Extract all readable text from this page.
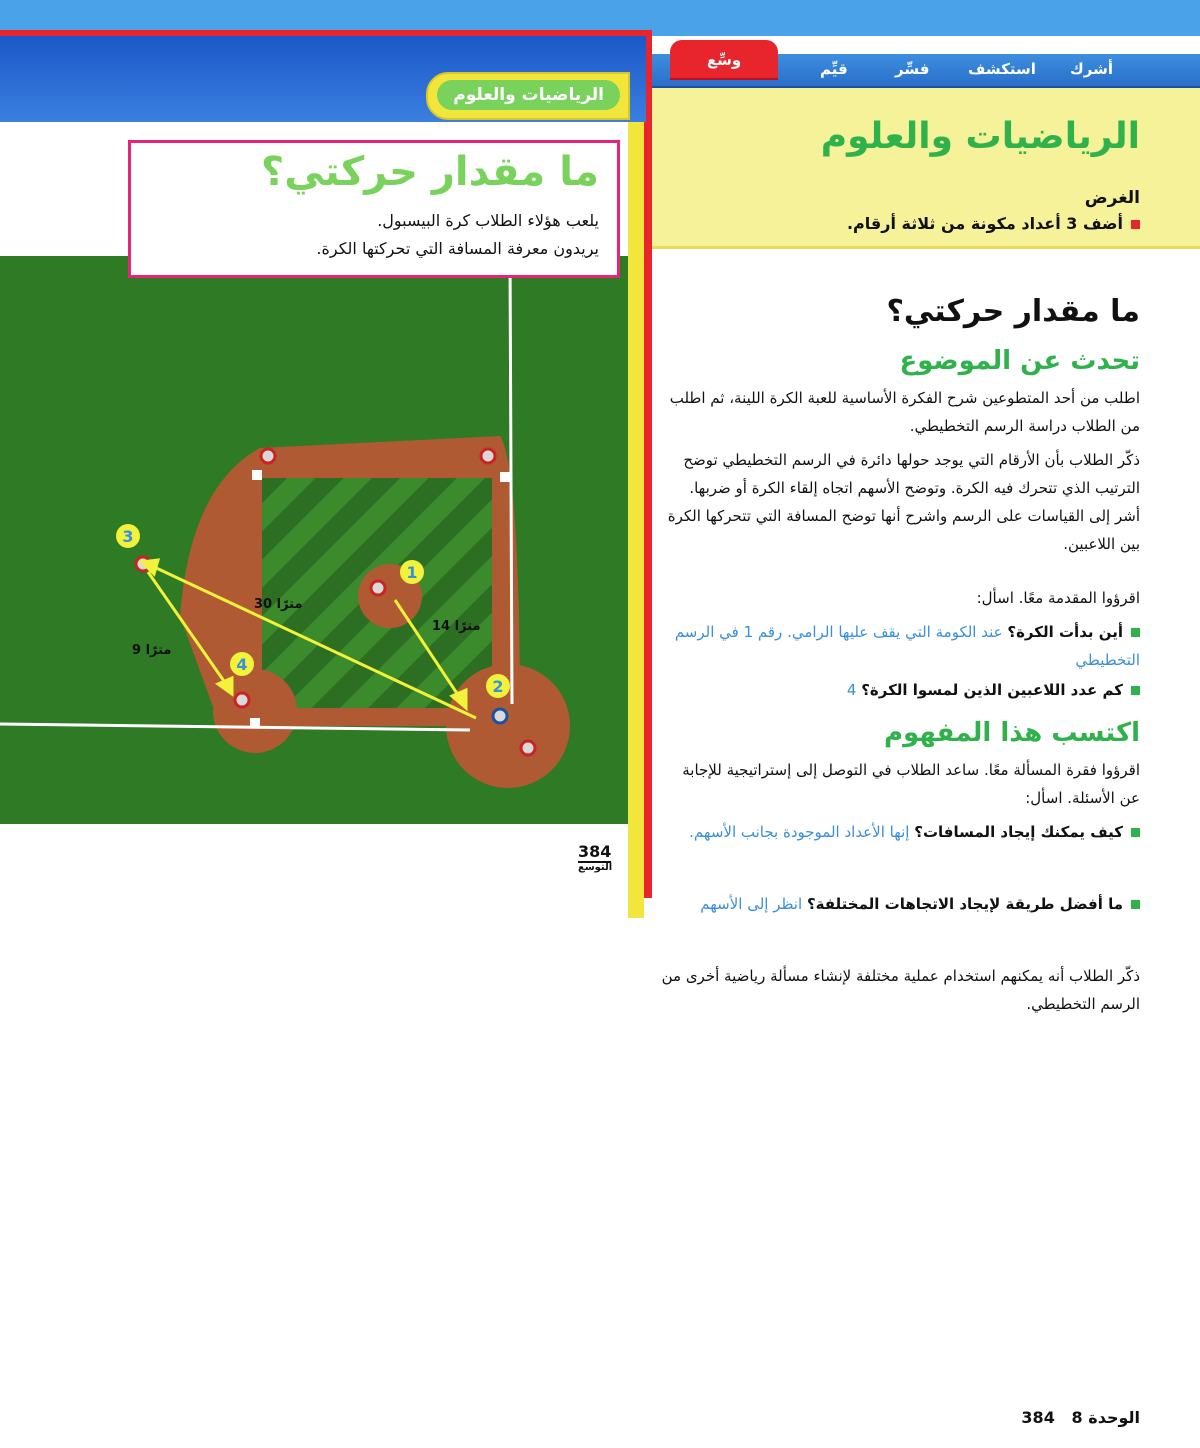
وسِّع	قيِّم	فسِّر	استكشف أشرك
الرياضيات والعلوم
الغرض
أضف 3 أعداد مكونة من ثلاثة أرقام.
ما مقدار حركتي؟
تحدث عن الموضوع
اطلب من أحد المتطوعين شرح الفكرة الأساسية للعبة الكرة اللينة، ثم اطلب من الطلاب دراسة الرسم التخطيطي.
ذكّر الطلاب بأن الأرقام التي يوجد حولها دائرة في الرسم التخطيطي توضح الترتيب الذي تتحرك فيه الكرة. وتوضح الأسهم اتجاه إلقاء الكرة أو ضربها. أشر إلى القياسات على الرسم واشرح أنها توضح المسافة التي تتحركها الكرة بين اللاعبين.
اقرؤوا المقدمة معًا. اسأل:
أين بدأت الكرة؟ عند الكومة التي يقف عليها الرامي. رقم 1 في الرسم التخطيطي
كم عدد اللاعبين الذين لمسوا الكرة؟ 4
اكتسب هذا المفهوم
اقرؤوا فقرة المسألة معًا. ساعد الطلاب في التوصل إلى إستراتيجية للإجابة عن الأسئلة. اسأل:
كيف يمكنك إيجاد المسافات؟ إنها الأعداد الموجودة بجانب الأسهم.
ما أفضل طريقة لإيجاد الاتجاهات المختلفة؟ انظر إلى الأسهم
ذكّر الطلاب أنه يمكنهم استخدام عملية مختلفة لإنشاء مسألة رياضية أخرى من الرسم التخطيطي.
الوحدة 8   384
1
2
3
4
14 مترًا
30 مترًا
9 مترًا
الرياضيات والعلوم
ما مقدار حركتي؟

يلعب هؤلاء الطلاب كرة البيسبول.

يريدون معرفة المسافة التي تحركتها الكرة.

384
التوسع
